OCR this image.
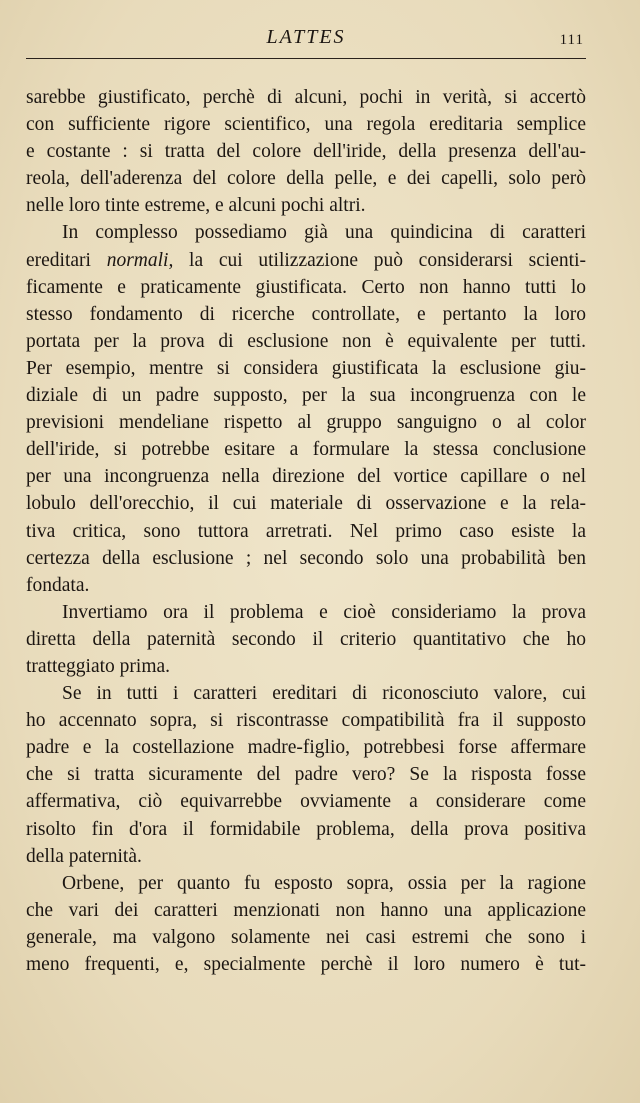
LATTES	111
sarebbe giustificato, perchè di alcuni, pochi in verità, si accertò
con sufficiente rigore scientifico, una regola ereditaria semplice
e costante : si tratta del colore dell'iride, della presenza dell'au-
reola, dell'aderenza del colore della pelle, e dei capelli, solo però
nelle loro tinte estreme, e alcuni pochi altri.
In complesso possediamo già una quindicina di caratteri
ereditari normali, la cui utilizzazione può considerarsi scienti-
ficamente e praticamente giustificata. Certo non hanno tutti lo
stesso fondamento di ricerche controllate, e pertanto la loro
portata per la prova di esclusione non è equivalente per tutti.
Per esempio, mentre si considera giustificata la esclusione giu-
diziale di un padre supposto, per la sua incongruenza con le
previsioni mendeliane rispetto al gruppo sanguigno o al color
dell'iride, si potrebbe esitare a formulare la stessa conclusione
per una incongruenza nella direzione del vortice capillare o nel
lobulo dell'orecchio, il cui materiale di osservazione e la rela-
tiva critica, sono tuttora arretrati. Nel primo caso esiste la
certezza della esclusione ; nel secondo solo una probabilità ben
fondata.
Invertiamo ora il problema e cioè consideriamo la prova
diretta della paternità secondo il criterio quantitativo che ho
tratteggiato prima.
Se in tutti i caratteri ereditari di riconosciuto valore, cui
ho accennato sopra, si riscontrasse compatibilità fra il supposto
padre e la costellazione madre-figlio, potrebbesi forse affermare
che si tratta sicuramente del padre vero? Se la risposta fosse
affermativa, ciò equivarrebbe ovviamente a considerare come
risolto fin d'ora il formidabile problema, della prova positiva
della paternità.
Orbene, per quanto fu esposto sopra, ossia per la ragione
che vari dei caratteri menzionati non hanno una applicazione
generale, ma valgono solamente nei casi estremi che sono i
meno frequenti, e, specialmente perchè il loro numero è tut-
